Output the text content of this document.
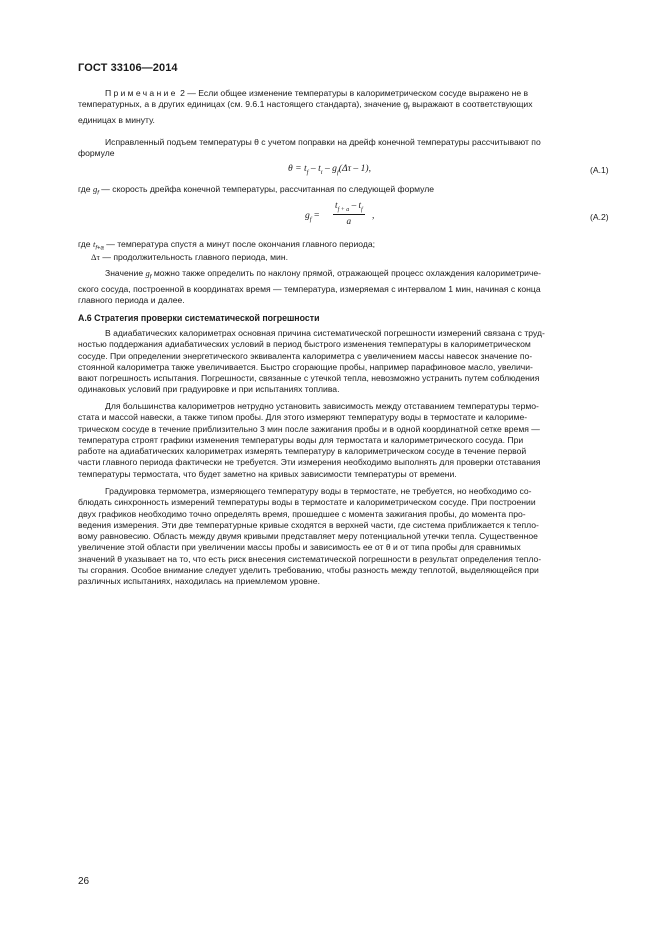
ГОСТ 33106—2014
Примечание 2 — Если общее изменение температуры в калориметрическом сосуде выражено не в
температурных, а в других единицах (см. 9.6.1 настоящего стандарта), значение $g_f$ выражают в соответствующих
единицах в минуту.
Исправленный подъем температуры θ с учетом поправки на дрейф конечной температуры рассчитывают по
формуле
$\theta = t_f - t_i - g_f(\Delta\tau - 1)$,	(А.1)
где $g_f$ — скорость дрейфа конечной температуры, рассчитанная по следующей формуле
$g_f = \frac{t_{f + a} - t_f}{a}$ ,	(А.2)
где $t_{f+a}$ — температура спустя a минут после окончания главного периода;
Δτ — продолжительность главного периода, мин.
Значение $g_f$ можно также определить по наклону прямой, отражающей процесс охлаждения калориметриче-
ского сосуда, построенной в координатах время — температура, измеряемая с интервалом 1 мин, начиная с конца
главного периода и далее.
А.6 Стратегия проверки систематической погрешности
В адиабатических калориметрах основная причина систематической погрешности измерений связана с труд-
ностью поддержания адиабатических условий в период быстрого изменения температуры в калориметрическом
сосуде. При определении энергетического эквивалента калориметра с увеличением массы навесок значение по-
стоянной калориметра также увеличивается. Быстро сгорающие пробы, например парафиновое масло, увеличи-
вают погрешность испытания. Погрешности, связанные с утечкой тепла, невозможно устранить путем соблюдения
одинаковых условий при градуировке и при испытаниях топлива.
Для большинства калориметров нетрудно установить зависимость между отставанием температуры термо-
стата и массой навески, а также типом пробы. Для этого измеряют температуру воды в термостате и калориме-
трическом сосуде в течение приблизительно 3 мин после зажигания пробы и в одной координатной сетке время —
температура строят графики изменения температуры воды для термостата и калориметрического сосуда. При
работе на адиабатических калориметрах измерять температуру в калориметрическом сосуде в течение первой
части главного периода фактически не требуется. Эти измерения необходимо выполнять для проверки отставания
температуры термостата, что будет заметно на кривых зависимости температуры от времени.
Градуировка термометра, измеряющего температуру воды в термостате, не требуется, но необходимо со-
блюдать синхронность измерений температуры воды в термостате и калориметрическом сосуде. При построении
двух графиков необходимо точно определять время, прошедшее с момента зажигания пробы, до момента про-
ведения измерения. Эти две температурные кривые сходятся в верхней части, где система приближается к тепло-
вому равновесию. Область между двумя кривыми представляет меру потенциальной утечки тепла. Существенное
увеличение этой области при увеличении массы пробы и зависимость ее от θ и от типа пробы для сравнимых
значений θ указывает на то, что есть риск внесения систематической погрешности в результат определения тепло-
ты сгорания. Особое внимание следует уделить требованию, чтобы разность между теплотой, выделяющейся при
различных испытаниях, находилась на приемлемом уровне.
26
